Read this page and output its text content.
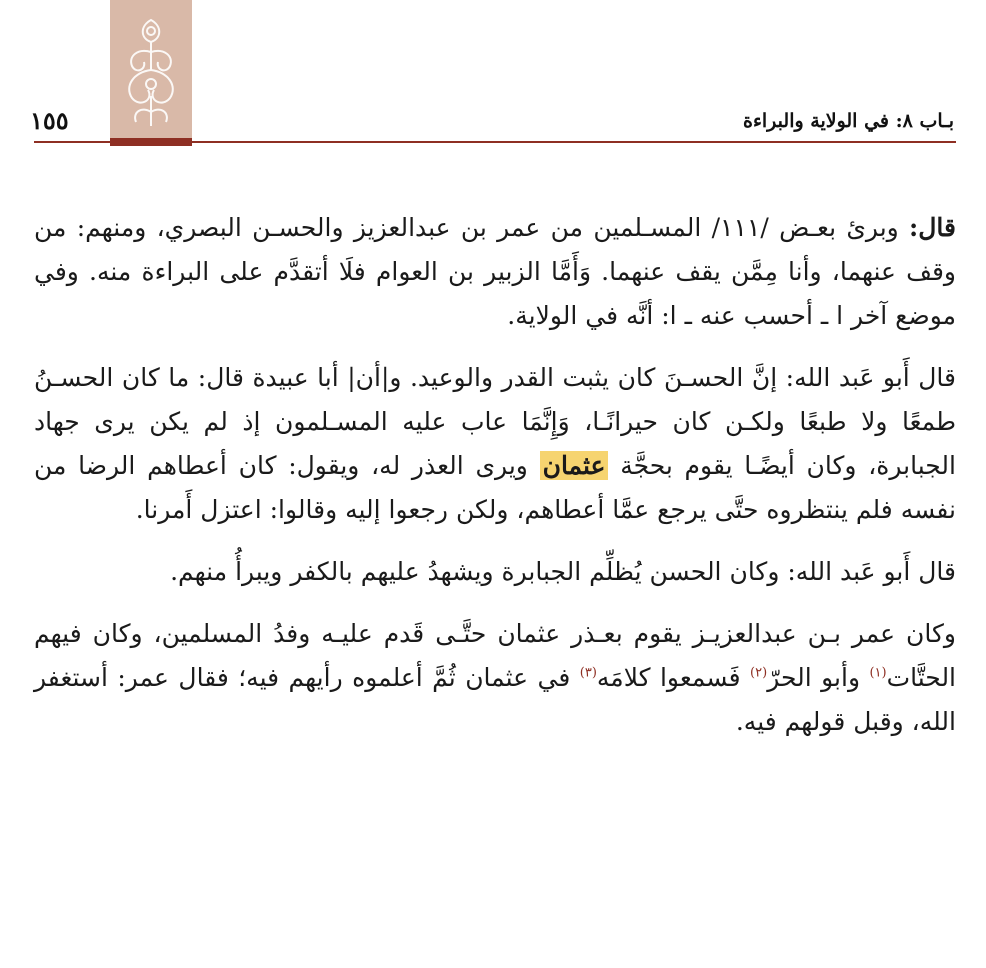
١٥٥	بـاب ٨: في الولاية والبراءة

قال: وبرئ بعـض /١١١/ المسـلمين من عمر بن عبدالعزيز والحسـن البصري، ومنهم: من وقف عنهما، وأنا مِمَّن يقف عنهما. وَأَمَّا الزبير بن العوام فلَا أتقدَّم على البراءة منه. وفي موضع آخر ا ـ أحسب عنه ـ ا: أنَّه في الولاية.

قال أَبو عَبد الله: إنَّ الحسـنَ كان يثبت القدر والوعيد. و|أن| أبا عبيدة قال: ما كان الحسـنُ طمعًا ولا طبعًا ولكـن كان حيرانًـا، وَإِنَّمَا عاب عليه المسـلمون إذ لم يكن يرى جهاد الجبابرة، وكان أيضًـا يقوم بحجَّة عثمان ويرى العذر له، ويقول: كان أعطاهم الرضا من نفسه فلم ينتظروه حتَّى يرجع عمَّا أعطاهم، ولكن رجعوا إليه وقالوا: اعتزل أَمرنا.

قال أَبو عَبد الله: وكان الحسن يُظلِّم الجبابرة ويشهدُ عليهم بالكفر ويبرأُ منهم.

وكان عمر بـن عبدالعزيـز يقوم بعـذر عثمان حتَّـى قَدم عليـه وفدُ المسلمين، وكان فيهم الحتَّات$^{(١)}$ وأبو الحرّ$^{(٢)}$ فَسمعوا كلامَه$^{(٣)}$ في عثمان ثُمَّ أعلموه رأيهم فيه؛ فقال عمر: أستغفر الله، وقبل قولهم فيه.
